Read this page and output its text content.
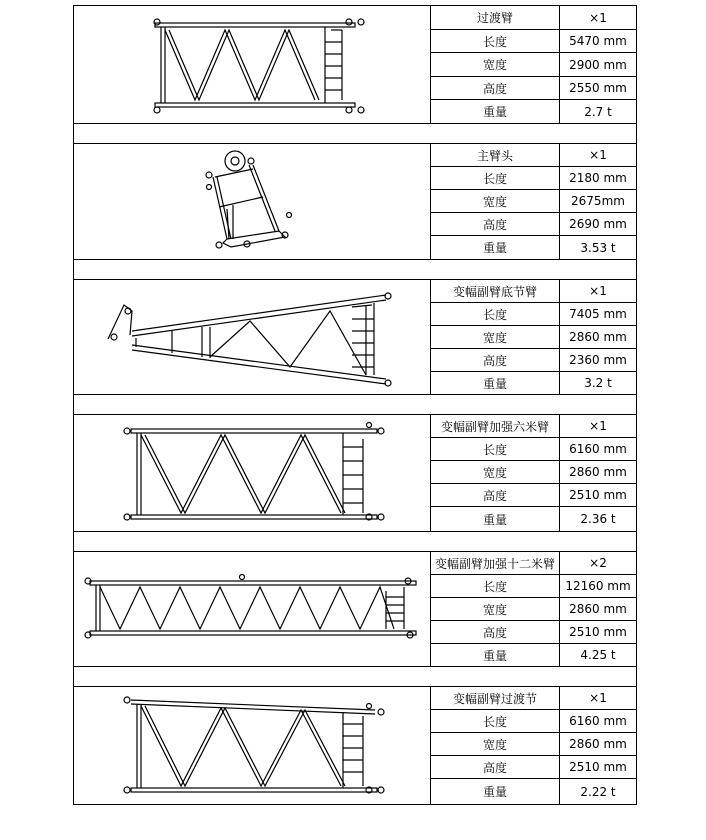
过渡臂	×1

	长度	5470 mm

	宽度	2900 mm

	高度	2550 mm

	重量	2.7 t

主臂头	×1

	长度	2180 mm

	宽度	2675mm

	高度	2690 mm

	重量	3.53 t

变幅副臂底节臂	×1

	长度	7405 mm

	宽度	2860 mm

	高度	2360 mm

	重量	3.2 t

变幅副臂加强六米臂	×1

	长度	6160 mm

	宽度	2860 mm

	高度	2510 mm

	重量	2.36 t

变幅副臂加强十二米臂	×2

	长度	12160 mm

	宽度	2860 mm

	高度	2510 mm

	重量	4.25 t

变幅副臂过渡节	×1

	长度	6160 mm

	宽度	2860 mm

	高度	2510 mm

	重量	2.22 t
